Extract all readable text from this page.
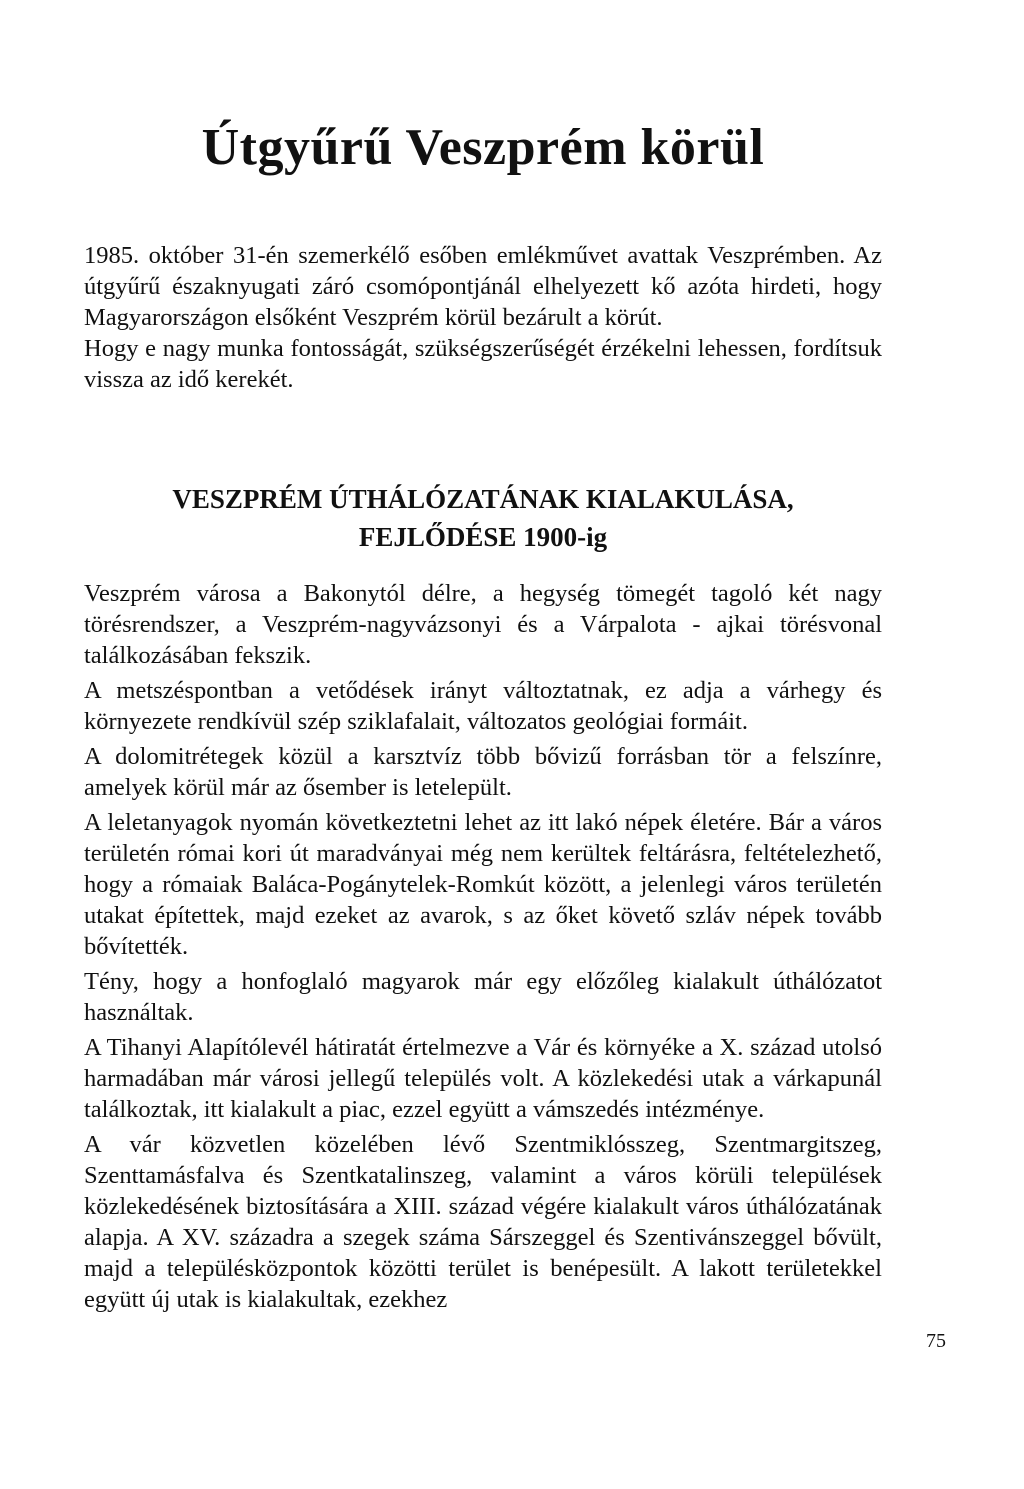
Útgyűrű Veszprém körül

1985. október 31-én szemerkélő esőben emlékművet avattak Veszprémben. Az útgyűrű északnyugati záró csomópontjánál elhelyezett kő azóta hirdeti, hogy Magyarországon elsőként Veszprém körül bezárult a körút.

Hogy e nagy munka fontosságát, szükségszerűségét érzékelni lehessen, fordítsuk vissza az idő kerekét.

VESZPRÉM ÚTHÁLÓZATÁNAK KIALAKULÁSA,
FEJLŐDÉSE 1900-ig

Veszprém városa a Bakonytól délre, a hegység tömegét tagoló két nagy törésrendszer, a Veszprém-nagyvázsonyi és a Várpalota - ajkai törésvonal találkozásában fekszik.

A metszéspontban a vetődések irányt változtatnak, ez adja a várhegy és környezete rendkívül szép sziklafalait, változatos geológiai formáit.

A dolomitrétegek közül a karsztvíz több bővizű forrásban tör a felszínre, amelyek körül már az ősember is letelepült.

A leletanyagok nyomán következtetni lehet az itt lakó népek életére. Bár a város területén római kori út maradványai még nem kerültek feltárásra, feltételezhető, hogy a rómaiak Baláca-Pogánytelek-Romkút között, a jelenlegi város területén utakat építettek, majd ezeket az avarok, s az őket követő szláv népek tovább bővítették.

Tény, hogy a honfoglaló magyarok már egy előzőleg kialakult úthálózatot használtak.

A Tihanyi Alapítólevél hátiratát értelmezve a Vár és környéke a X. század utolsó harmadában már városi jellegű település volt. A közlekedési utak a várkapunál találkoztak, itt kialakult a piac, ezzel együtt a vámszedés intézménye.

A vár közvetlen közelében lévő Szentmiklósszeg, Szentmargitszeg, Szenttamásfalva és Szentkatalinszeg, valamint a város körüli települések közlekedésének biztosítására a XIII. század végére kialakult város úthálózatának alapja. A XV. századra a szegek száma Sárszeggel és Szentivánszeggel bővült, majd a településközpontok közötti terület is benépesült. A lakott területekkel együtt új utak is kialakultak, ezekhez

75
